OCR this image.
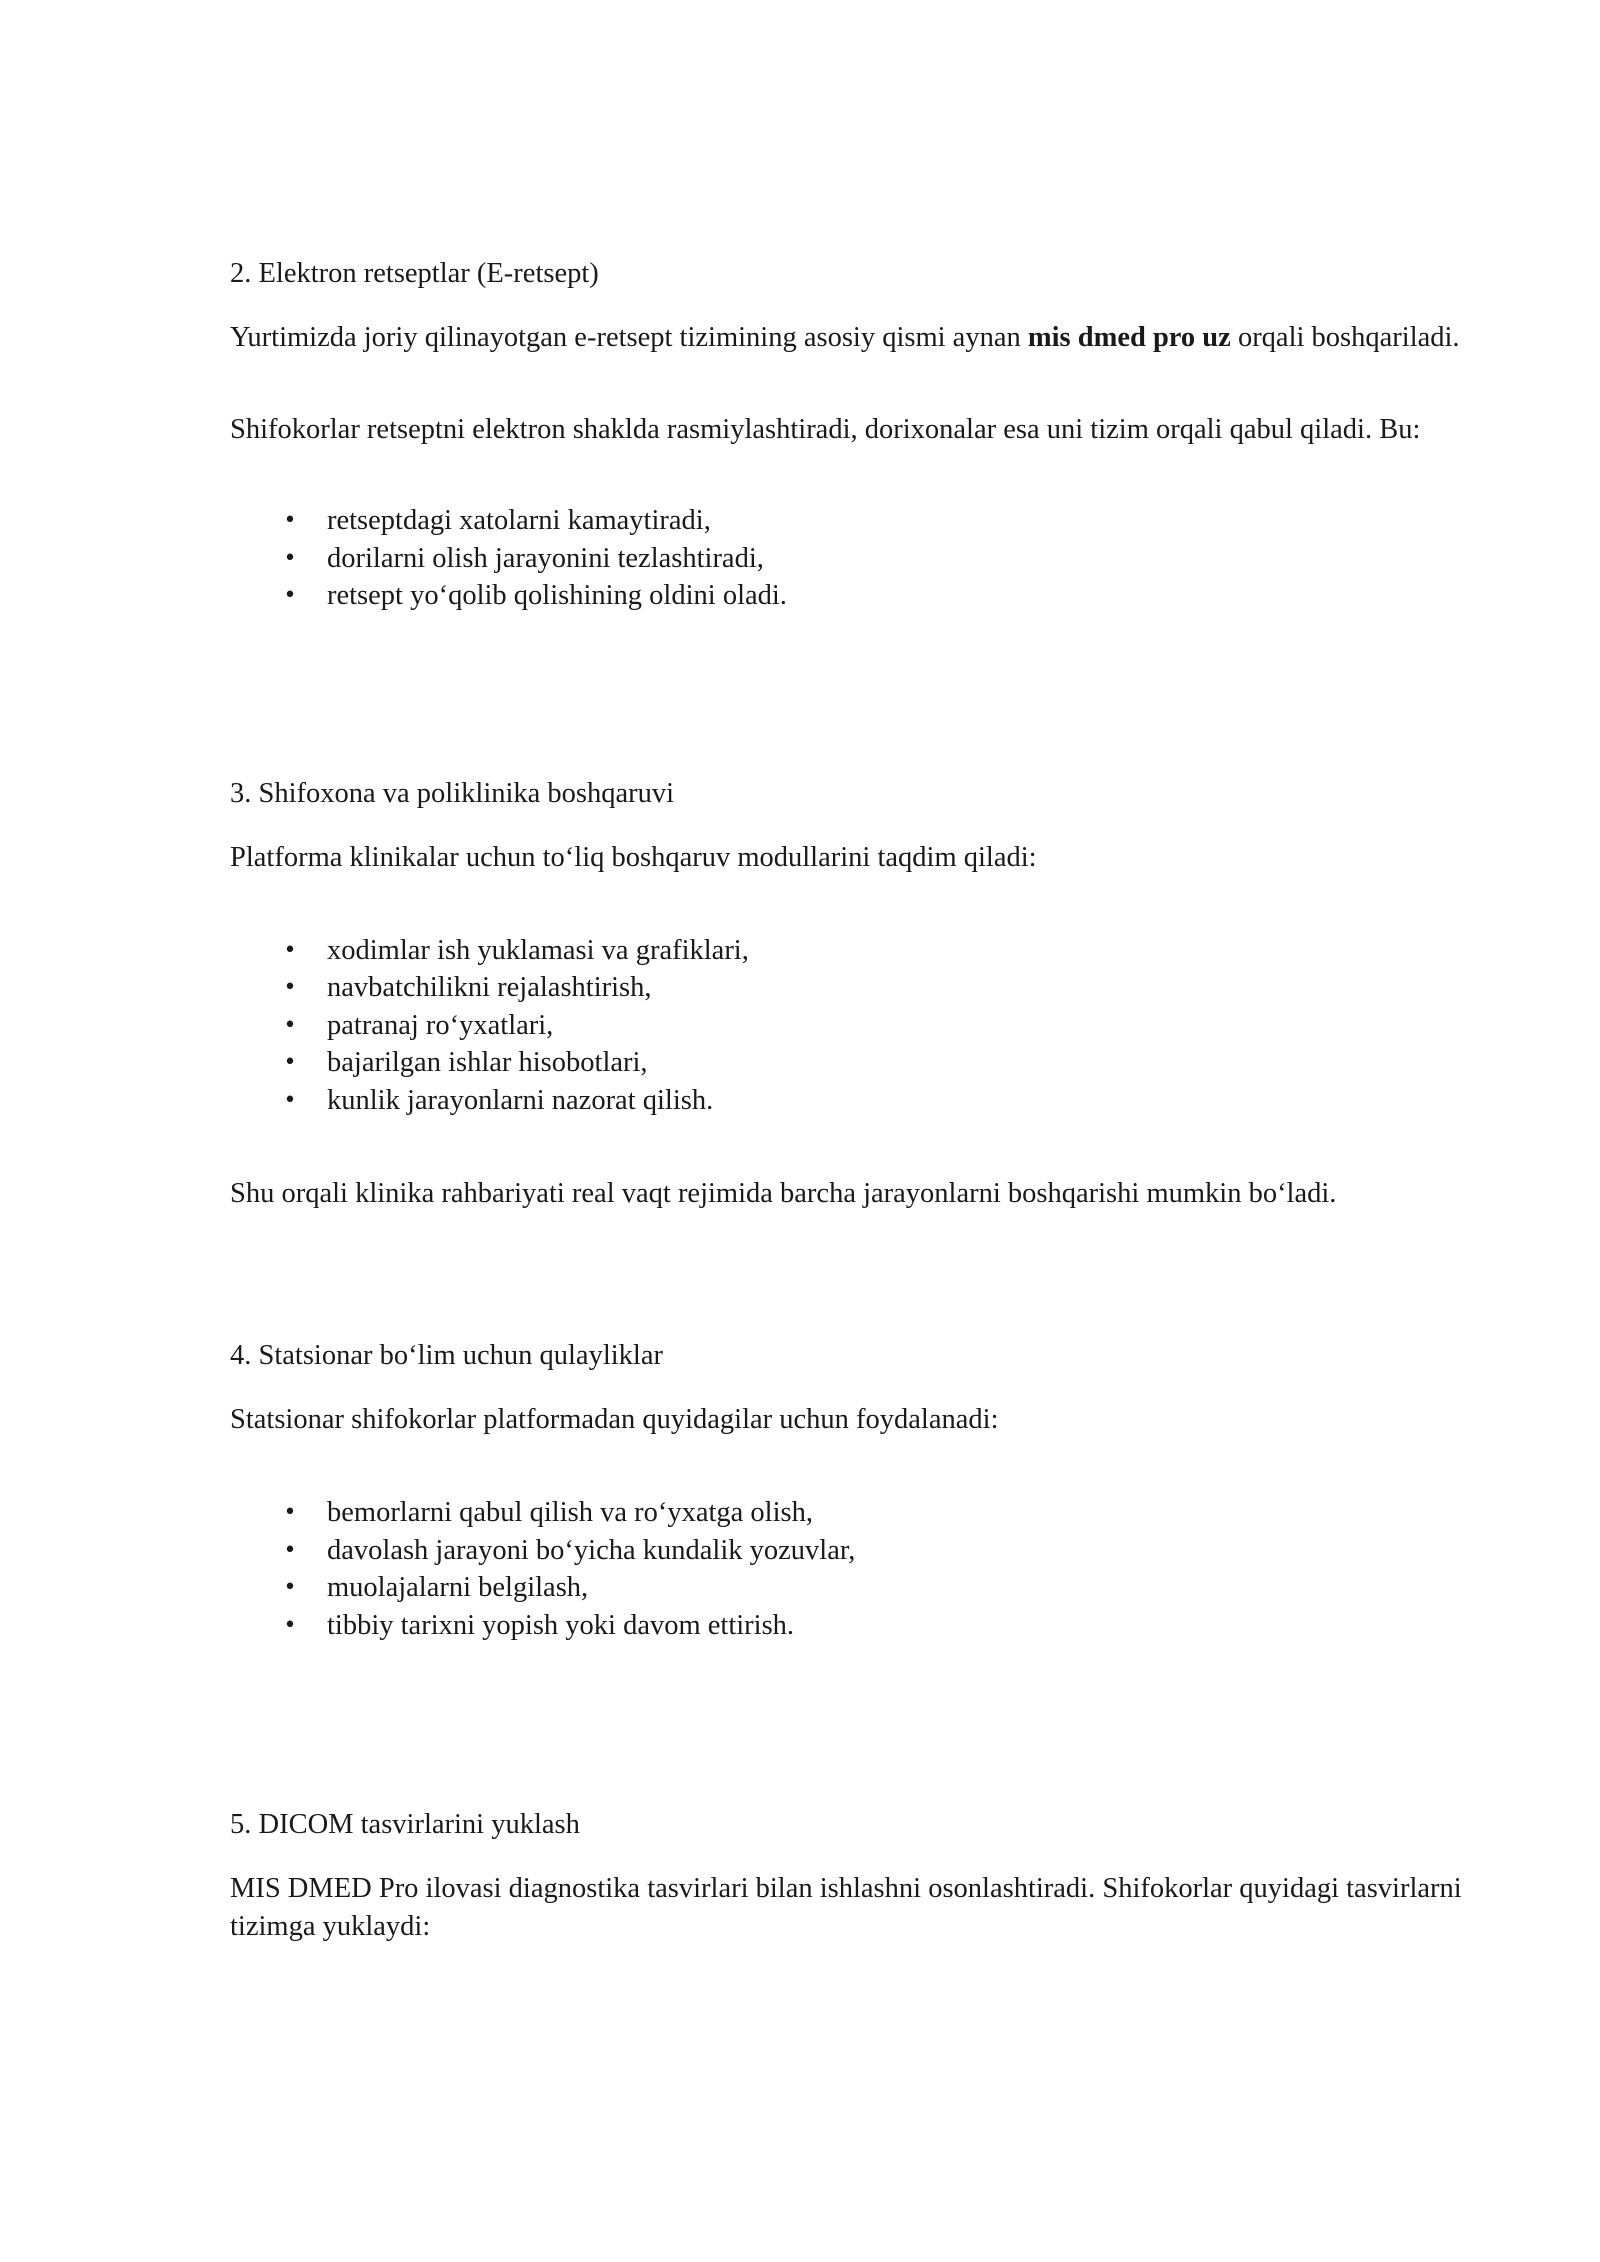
2. Elektron retseptlar (E-retsept)

Yurtimizda joriy qilinayotgan e-retsept tizimining asosiy qismi aynan mis dmed pro uz orqali boshqariladi.

Shifokorlar retseptni elektron shaklda rasmiylashtiradi, dorixonalar esa uni tizim orqali qabul qiladi. Bu:

• retseptdagi xatolarni kamaytiradi,
• dorilarni olish jarayonini tezlashtiradi,
• retsept yo‘qolib qolishining oldini oladi.

3. Shifoxona va poliklinika boshqaruvi

Platforma klinikalar uchun to‘liq boshqaruv modullarini taqdim qiladi:

• xodimlar ish yuklamasi va grafiklari,
• navbatchilikni rejalashtirish,
• patranaj ro‘yxatlari,
• bajarilgan ishlar hisobotlari,
• kunlik jarayonlarni nazorat qilish.

Shu orqali klinika rahbariyati real vaqt rejimida barcha jarayonlarni boshqarishi mumkin bo‘ladi.

4. Statsionar bo‘lim uchun qulayliklar

Statsionar shifokorlar platformadan quyidagilar uchun foydalanadi:

• bemorlarni qabul qilish va ro‘yxatga olish,
• davolash jarayoni bo‘yicha kundalik yozuvlar,
• muolajalarni belgilash,
• tibbiy tarixni yopish yoki davom ettirish.

5. DICOM tasvirlarini yuklash

MIS DMED Pro ilovasi diagnostika tasvirlari bilan ishlashni osonlashtiradi. Shifokorlar quyidagi tasvirlarni tizimga yuklaydi:
